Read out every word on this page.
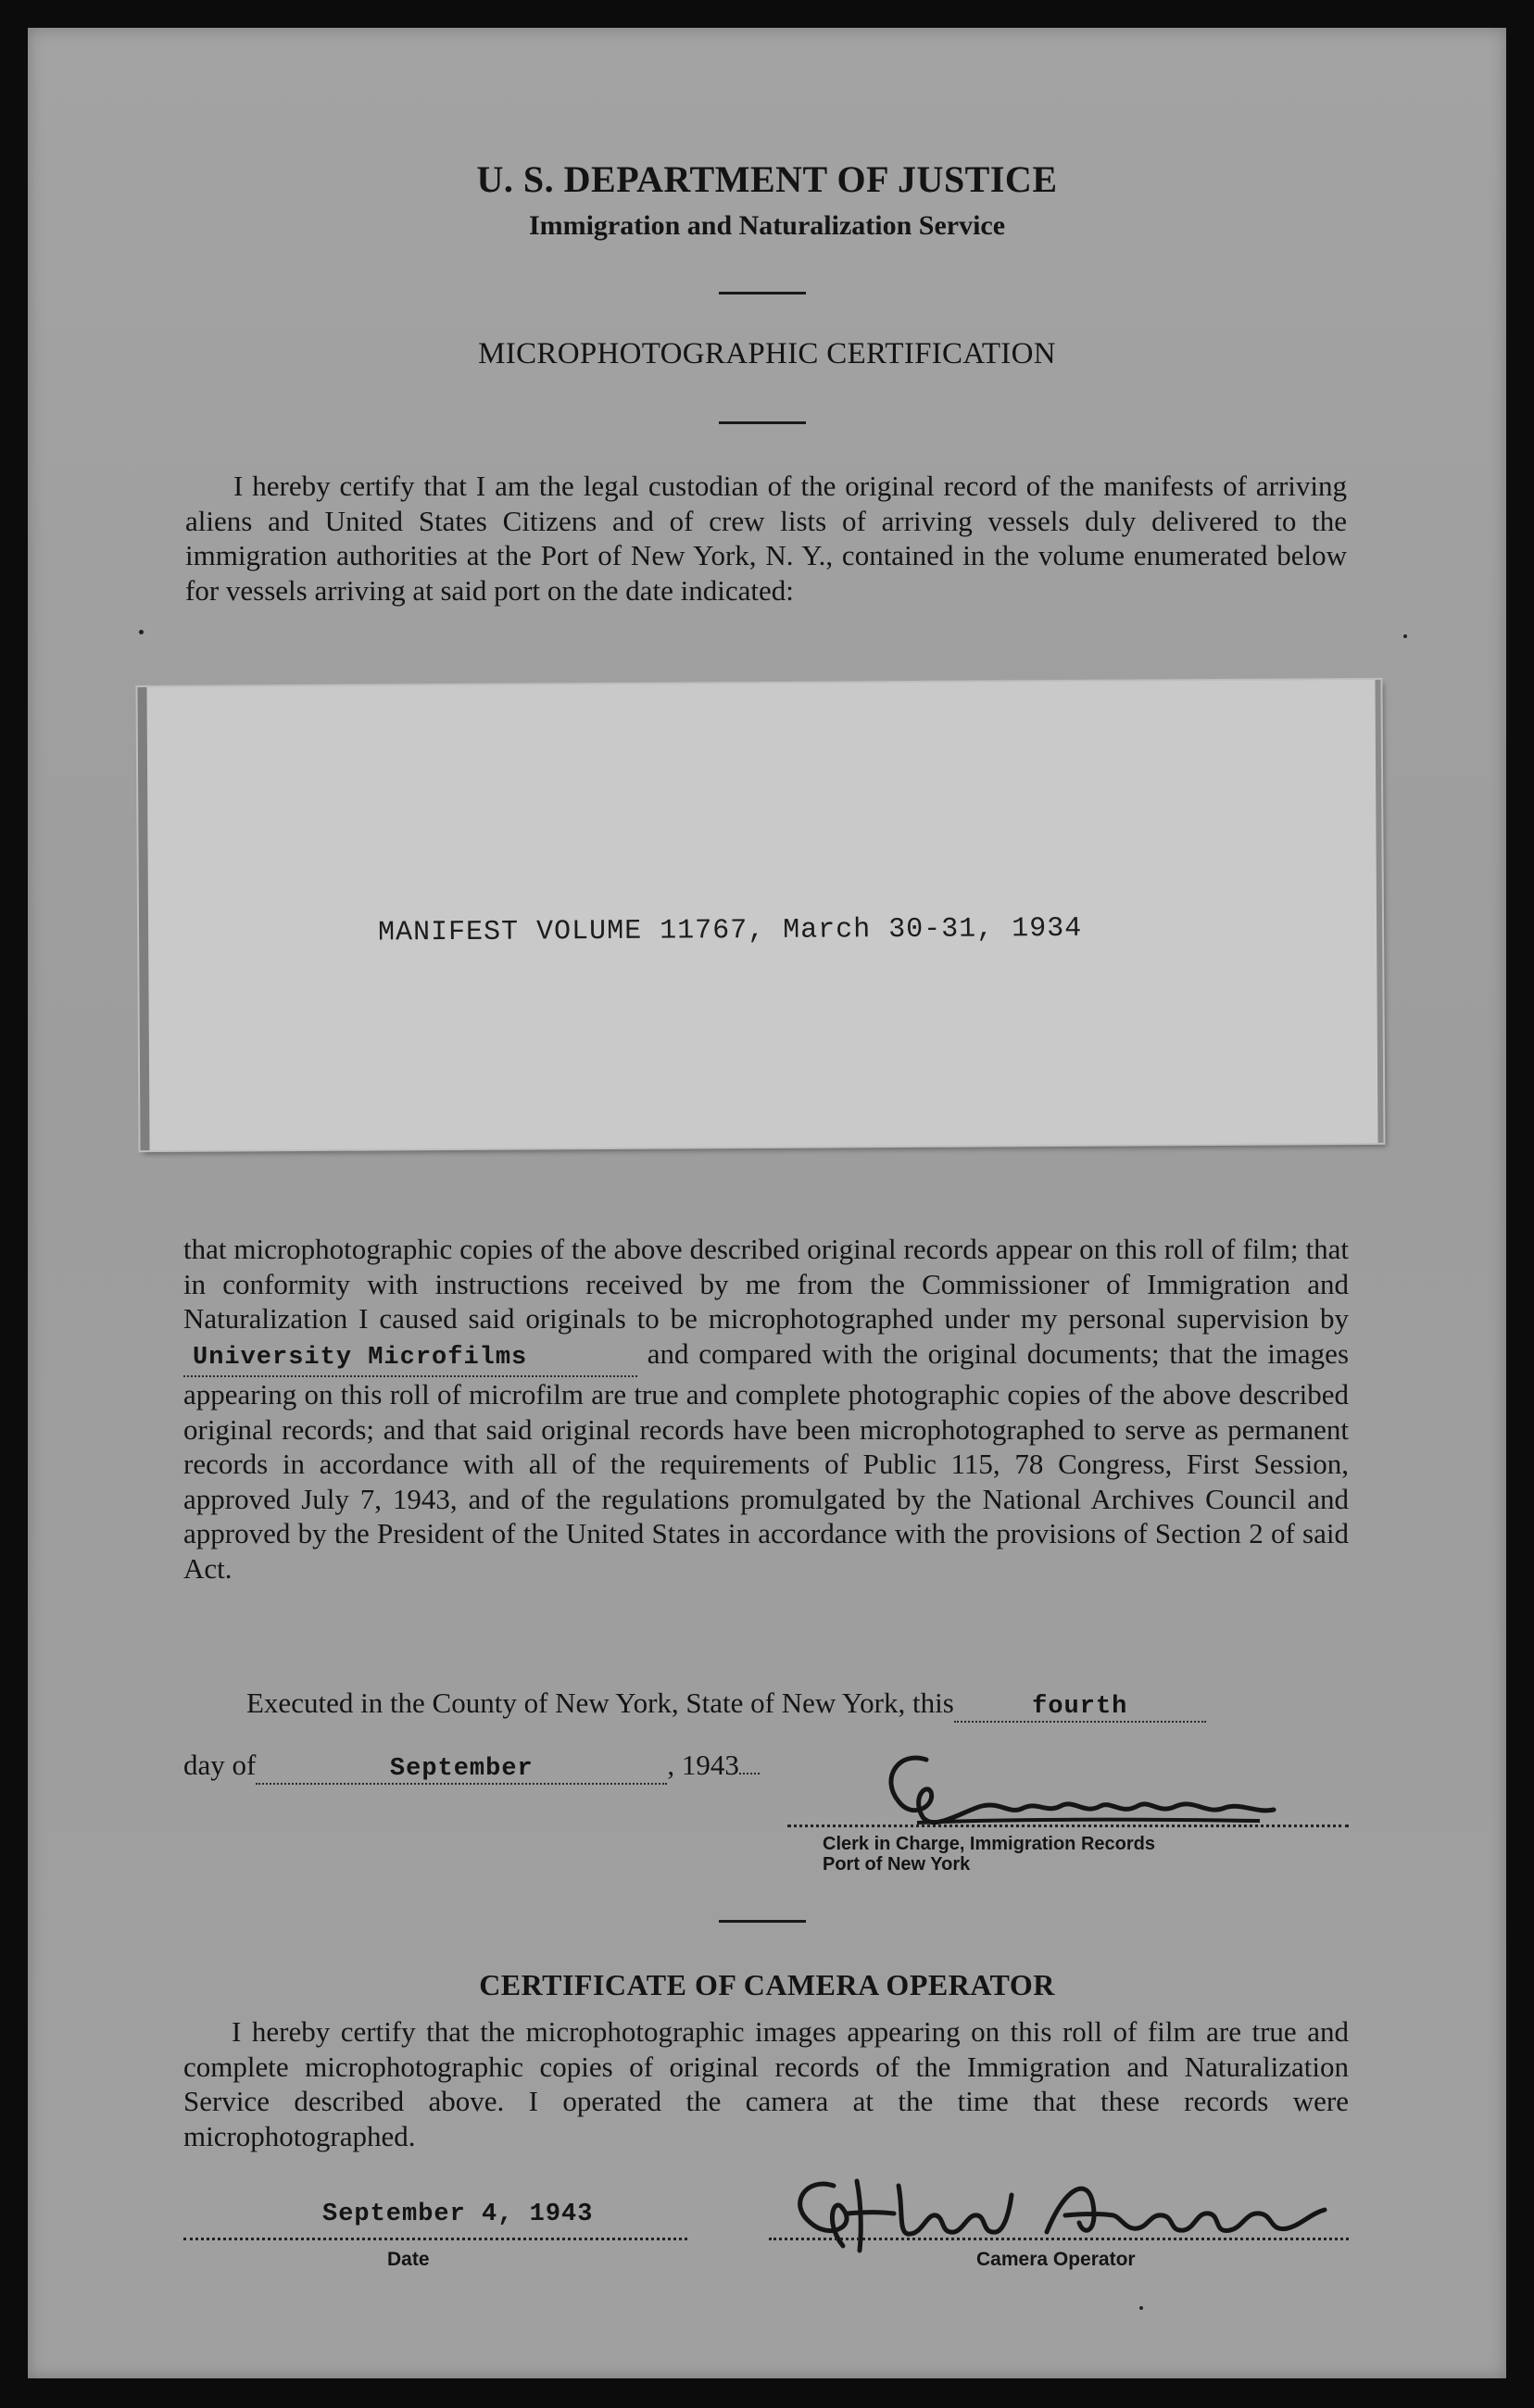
U. S. DEPARTMENT OF JUSTICE
Immigration and Naturalization Service
MICROPHOTOGRAPHIC CERTIFICATION
I hereby certify that I am the legal custodian of the original record of the manifests of arriving aliens and United States Citizens and of crew lists of arriving vessels duly delivered to the immigration authorities at the Port of New York, N. Y., contained in the volume enumerated below for vessels arriving at said port on the date indicated:
MANIFEST VOLUME 11767, March 30-31, 1934
that microphotographic copies of the above described original records appear on this roll of film; that in conformity with instructions received by me from the Commissioner of Immigration and Naturalization I caused said originals to be microphotographed under my personal supervision by University Microfilms	and compared with the original documents; that the images appearing on this roll of microfilm are true and complete photographic copies of the above described original records; and that said original records have been microphotographed to serve as permanent records in accordance with all of the requirements of Public 115, 78 Congress, First Session, approved July 7, 1943, and of the regulations promulgated by the National Archives Council and approved by the President of the United States in accordance with the provisions of Section 2 of said Act.
Executed in the County of New York, State of New York, this	fourth
day of	September	, 1943
Clerk in Charge, Immigration Records
Port of New York
CERTIFICATE OF CAMERA OPERATOR
I hereby certify that the microphotographic images appearing on this roll of film are true and complete microphotographic copies of original records of the Immigration and Naturalization Service described above. I operated the camera at the time that these records were microphotographed.
September 4, 1943
Date	Camera Operator
